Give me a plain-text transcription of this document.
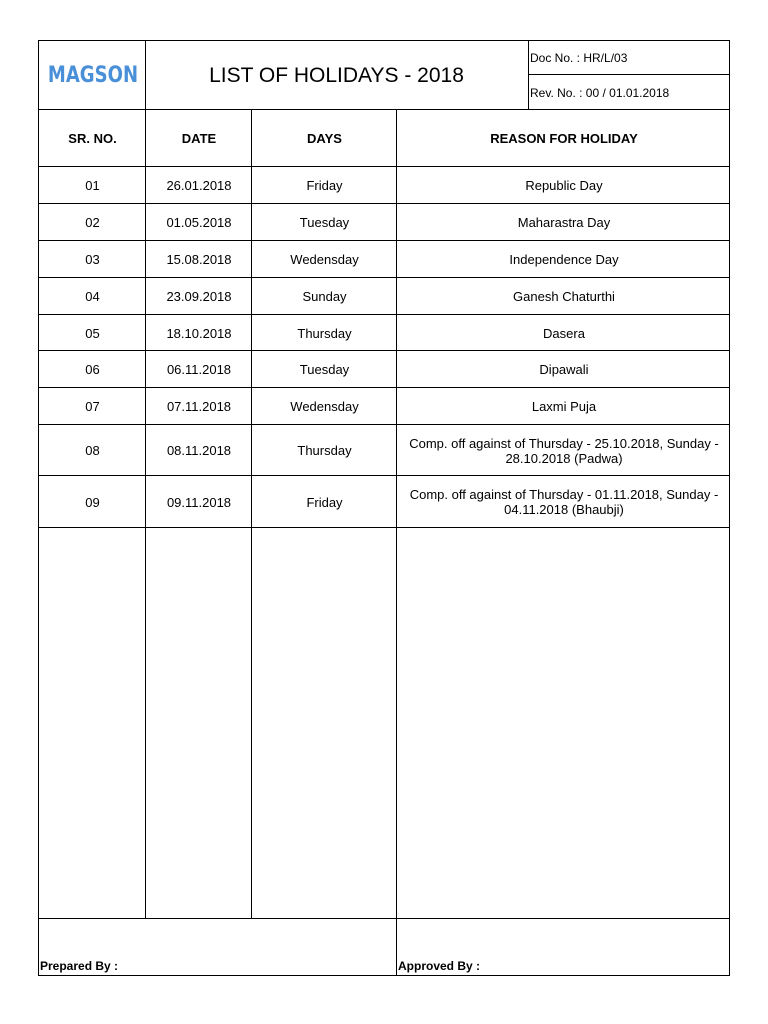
MAGSON	LIST OF HOLIDAYS - 2018
Doc No. : HR/L/03
Rev. No. : 00 / 01.01.2018
SR. NO.	DATE	DAYS	REASON FOR HOLIDAY
01	26.01.2018	Friday	Republic Day
02	01.05.2018	Tuesday	Maharastra Day
03	15.08.2018	Wedensday	Independence Day
04	23.09.2018	Sunday	Ganesh Chaturthi
05	18.10.2018	Thursday	Dasera
06	06.11.2018	Tuesday	Dipawali
07	07.11.2018	Wedensday	Laxmi Puja
08	08.11.2018	Thursday	Comp. off against of Thursday - 25.10.2018, Sunday - 28.10.2018 (Padwa)
09	09.11.2018	Friday	Comp. off against of Thursday - 01.11.2018, Sunday - 04.11.2018 (Bhaubji)
Prepared By :	Approved By :
